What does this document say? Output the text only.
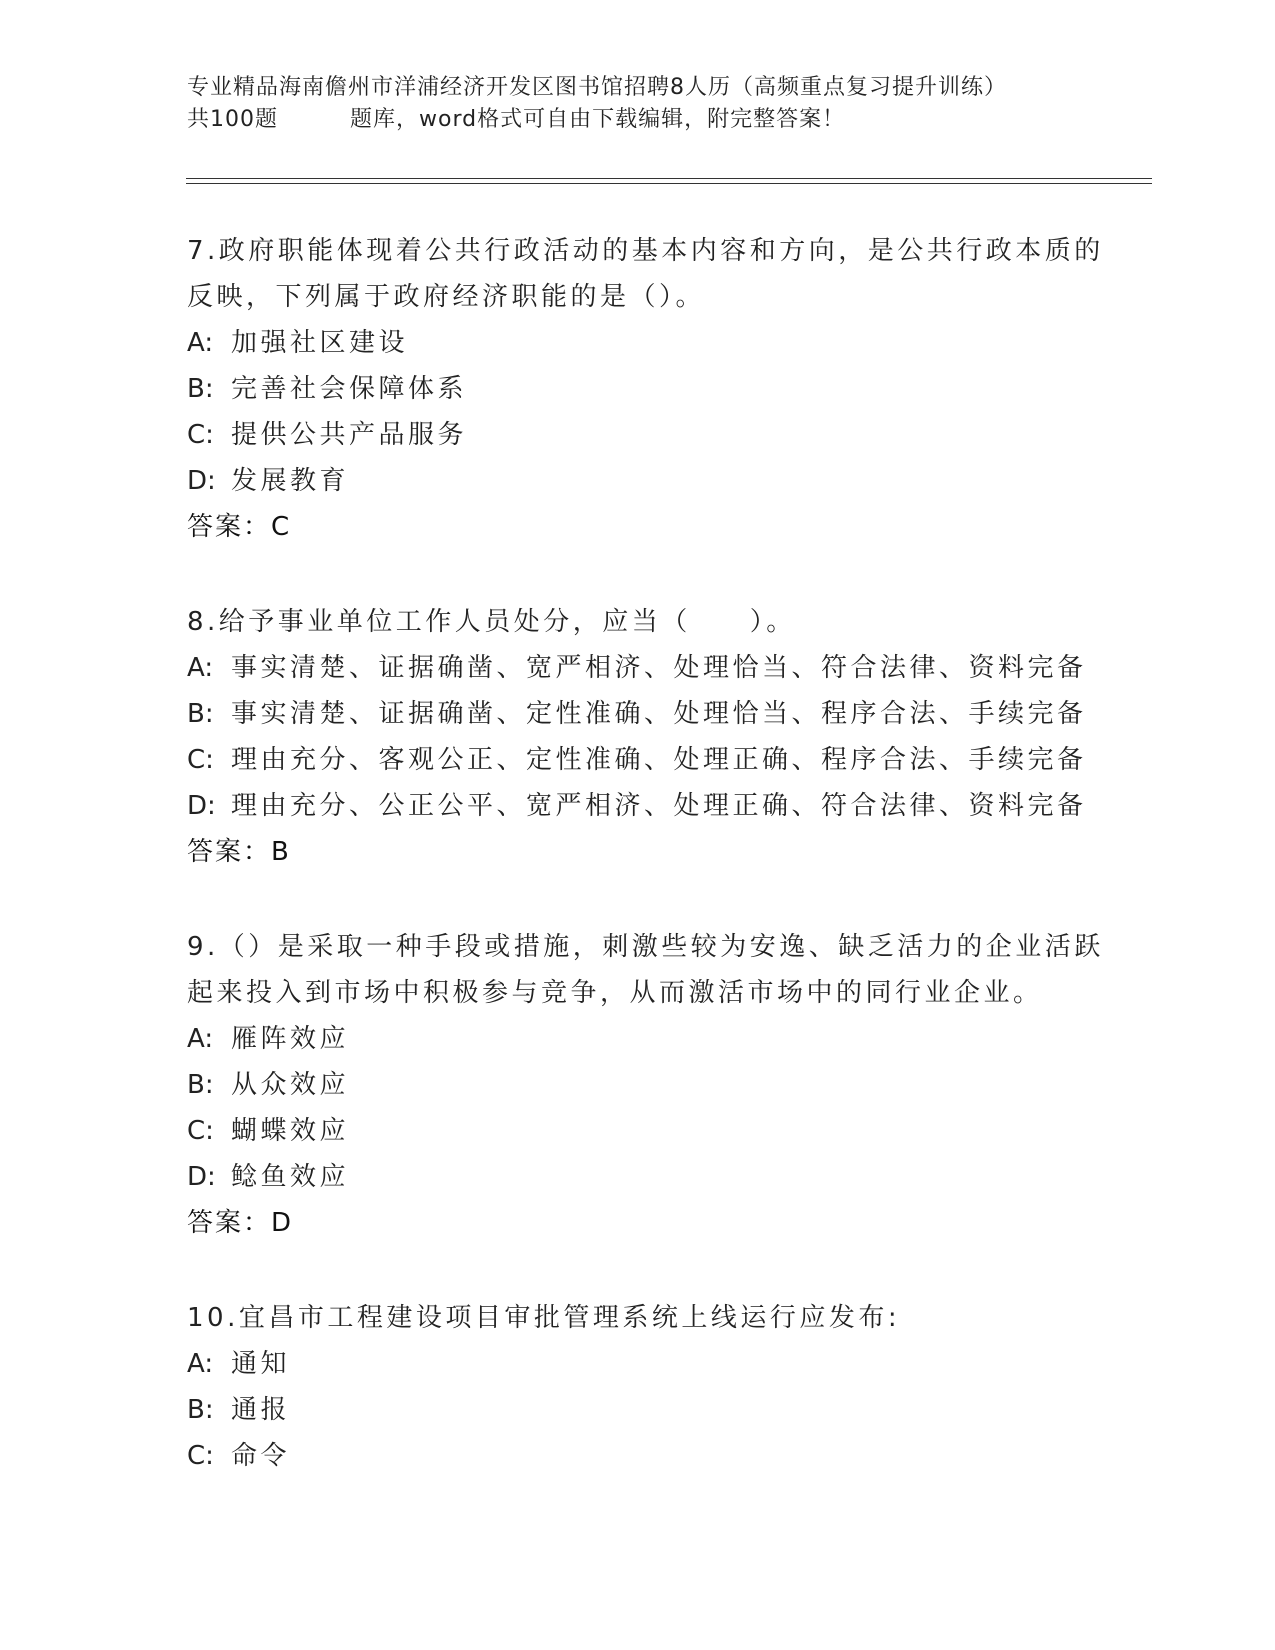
专业精品海南儋州市洋浦经济开发区图书馆招聘8人历（高频重点复习提升训练）
共100题	题库，word格式可自由下载编辑，附完整答案！
7.政府职能体现着公共行政活动的基本内容和方向，是公共行政本质的反映，下列属于政府经济职能的是（）。
A: 加强社区建设
B: 完善社会保障体系
C: 提供公共产品服务
D: 发展教育
答案：C
8.给予事业单位工作人员处分，应当（　　）。
A: 事实清楚、证据确凿、宽严相济、处理恰当、符合法律、资料完备
B: 事实清楚、证据确凿、定性准确、处理恰当、程序合法、手续完备
C: 理由充分、客观公正、定性准确、处理正确、程序合法、手续完备
D: 理由充分、公正公平、宽严相济、处理正确、符合法律、资料完备
答案：B
9.（）是采取一种手段或措施，刺激些较为安逸、缺乏活力的企业活跃起来投入到市场中积极参与竞争，从而激活市场中的同行业企业。
A: 雁阵效应
B: 从众效应
C: 蝴蝶效应
D: 鲶鱼效应
答案：D
10.宜昌市工程建设项目审批管理系统上线运行应发布:
A: 通知
B: 通报
C: 命令
